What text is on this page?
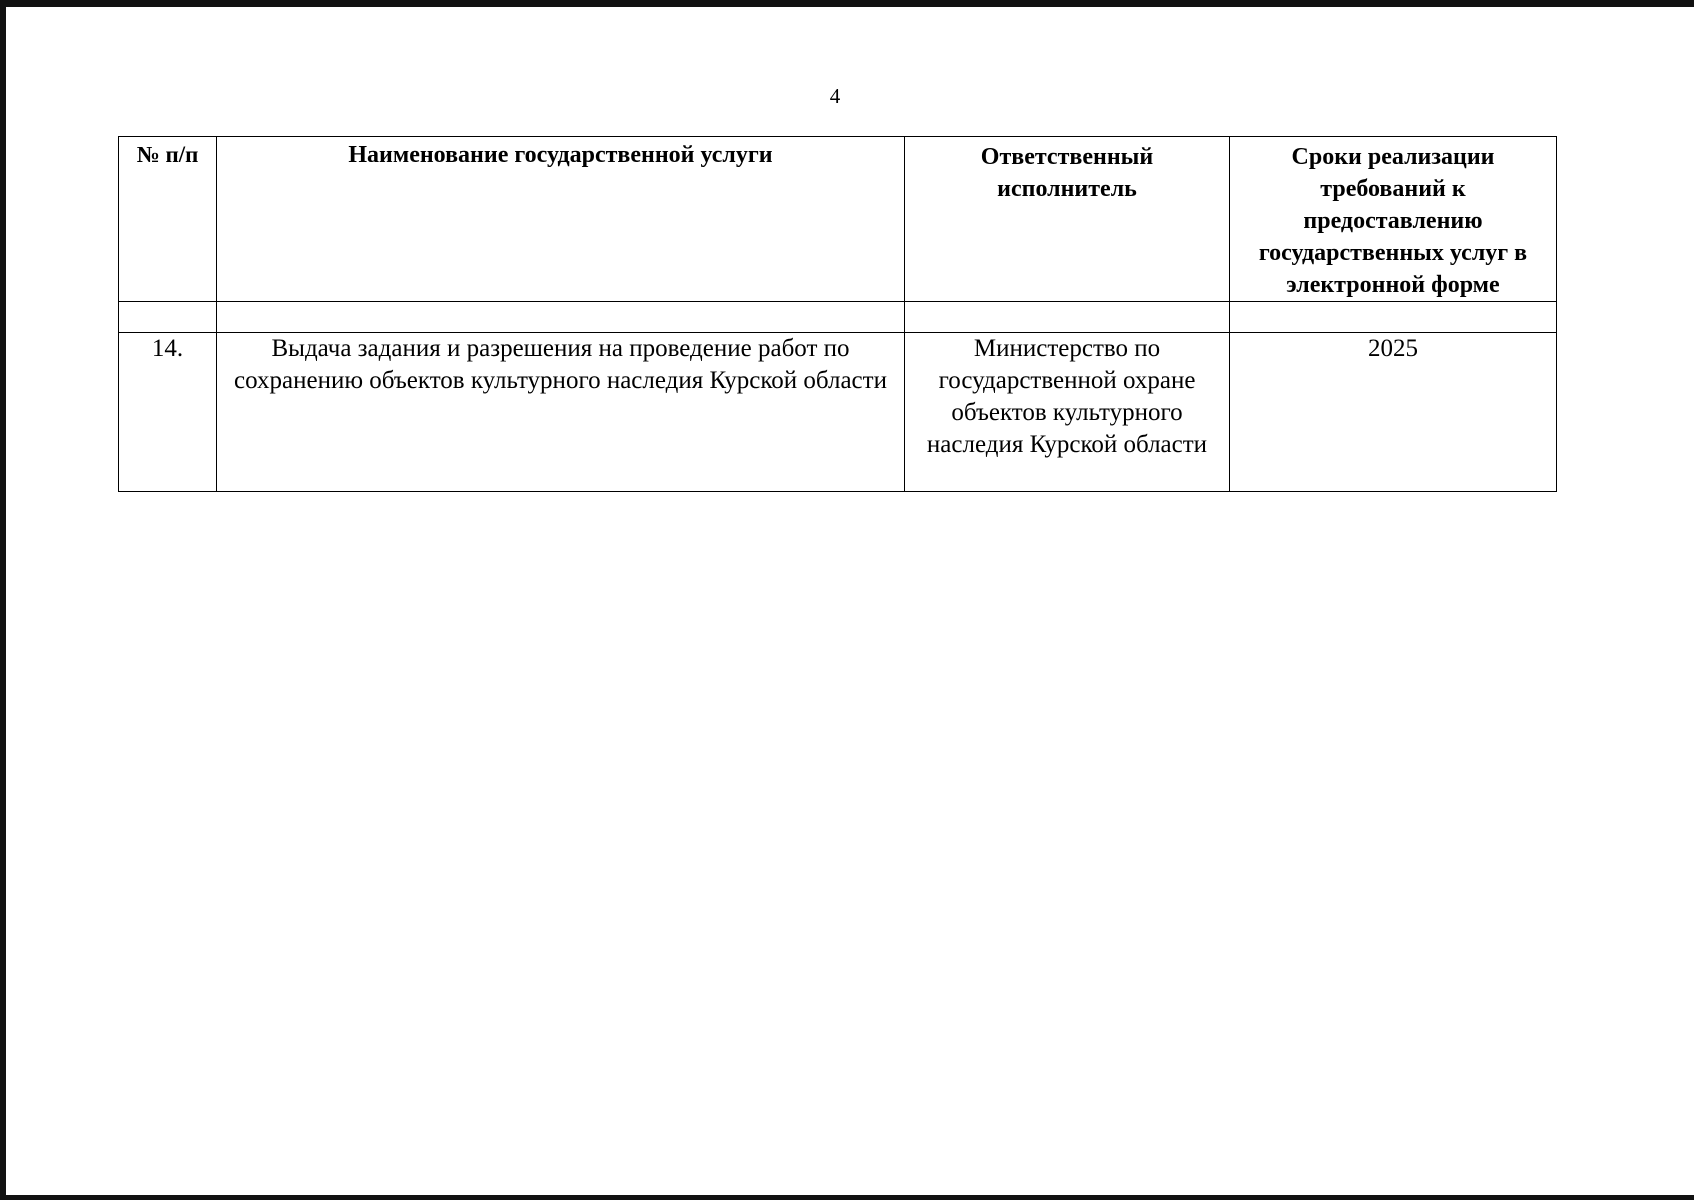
4
№ п/п	Наименование государственной услуги	Ответственный исполнитель	Сроки реализации требований к предоставлению государственных услуг в электронной форме

14.	Выдача задания и разрешения на проведение работ по сохранению объектов культурного наследия Курской области	Министерство по государственной охране объектов культурного наследия Курской области	2025
